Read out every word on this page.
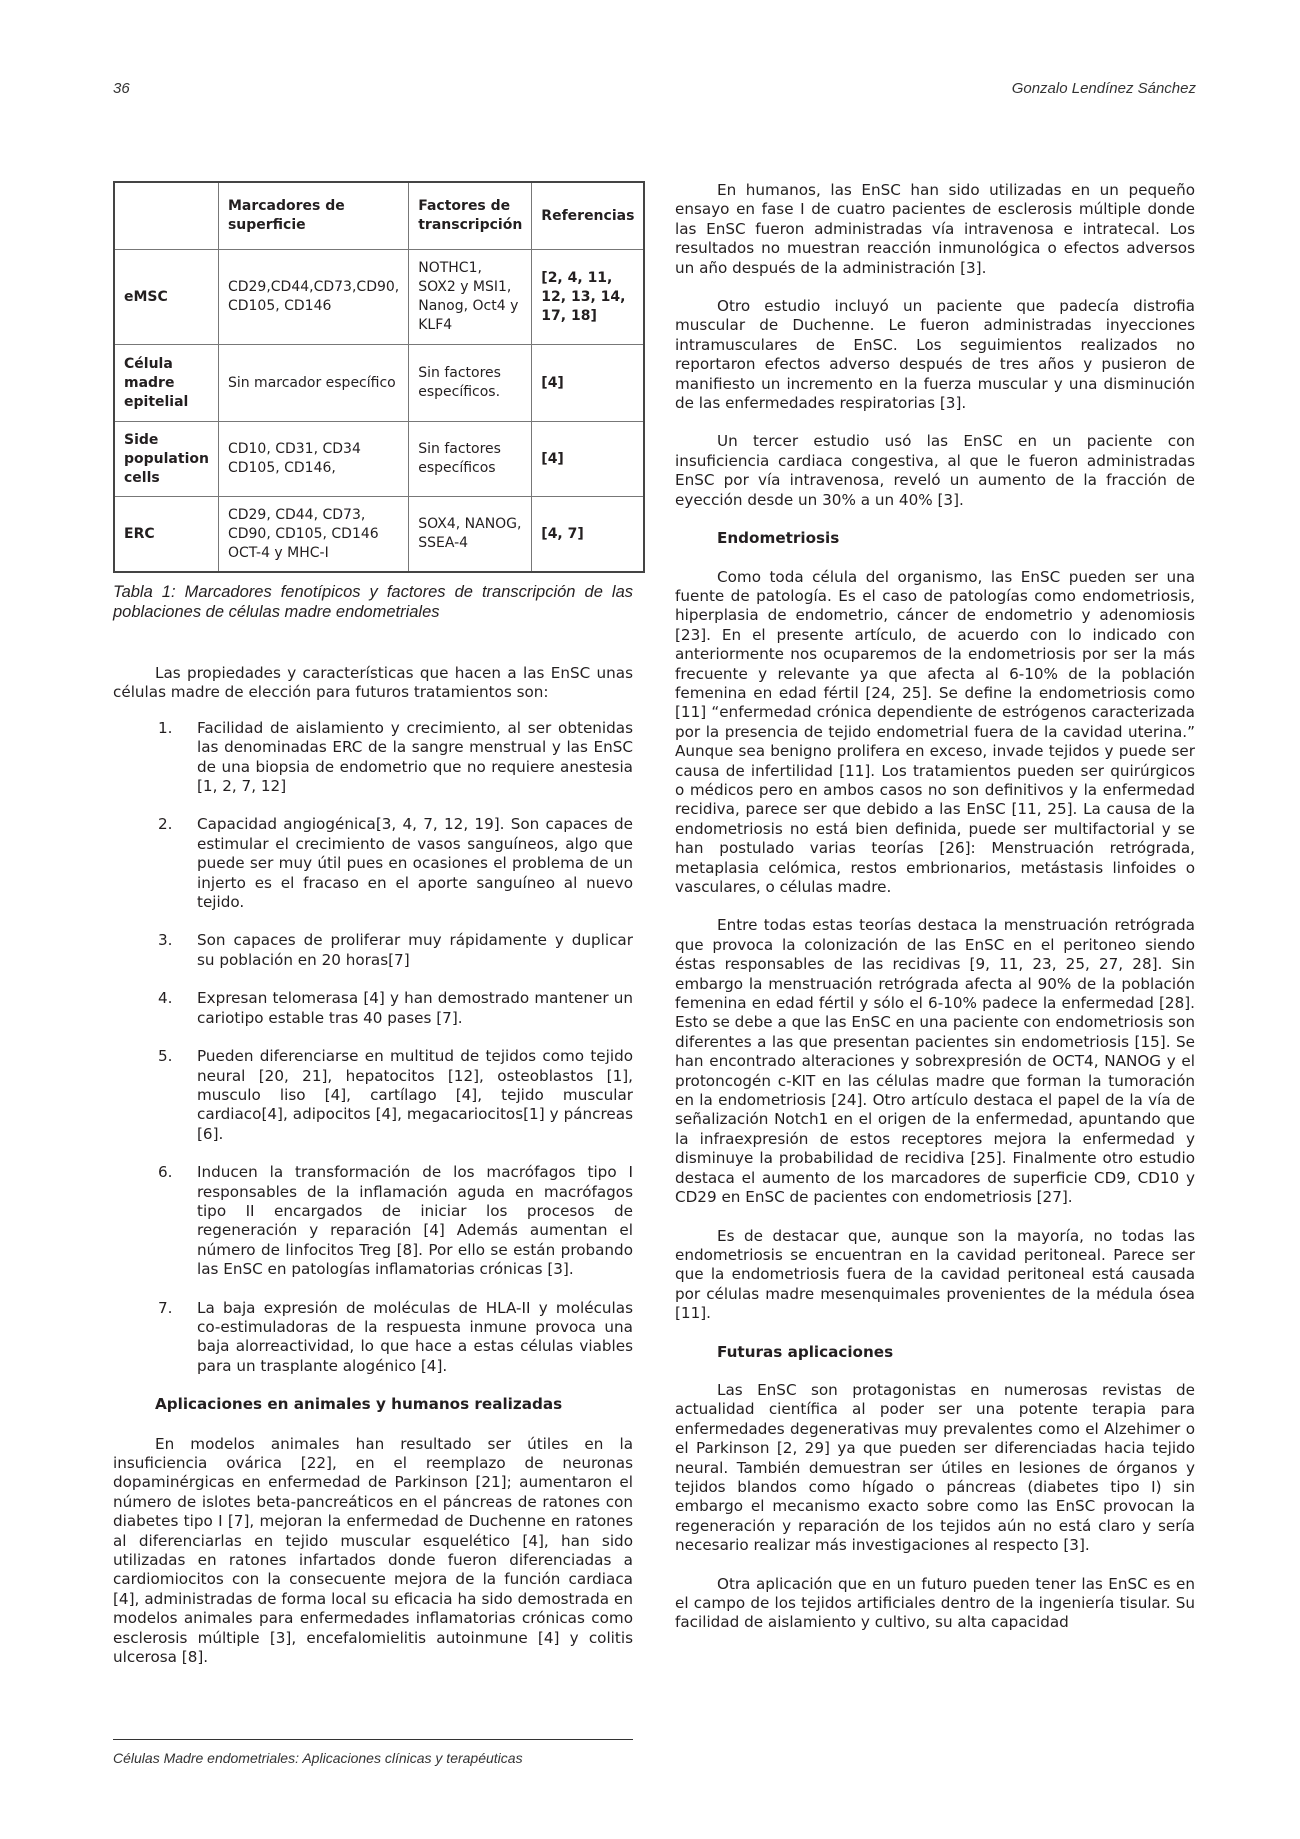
36	Gonzalo Lendínez Sánchez
	Marcadores de superficie	Factores de transcripción	Referencias
eMSC	CD29,CD44,CD73,CD90, CD105, CD146	NOTHC1, SOX2 y MSI1, Nanog, Oct4 y KLF4	[2, 4, 11, 12, 13, 14, 17, 18]
Célula madre epitelial	Sin marcador específico	Sin factores específicos.	[4]
Side population cells	CD10, CD31, CD34 CD105, CD146,	Sin factores específicos	[4]
ERC	CD29, CD44, CD73, CD90, CD105, CD146 OCT-4 y MHC-I	SOX4, NANOG, SSEA-4	[4, 7]
Tabla 1: Marcadores fenotípicos y factores de transcripción de las poblaciones de células madre endometriales

Las propiedades y características que hacen a las EnSC unas células madre de elección para futuros tratamientos son:

1. Facilidad de aislamiento y crecimiento, al ser obtenidas las denominadas ERC de la sangre menstrual y las EnSC de una biopsia de endometrio que no requiere anestesia [1, 2, 7, 12]

2. Capacidad angiogénica[3, 4, 7, 12, 19]. Son capaces de estimular el crecimiento de vasos sanguíneos, algo que puede ser muy útil pues en ocasiones el problema de un injerto es el fracaso en el aporte sanguíneo al nuevo tejido.

3. Son capaces de proliferar muy rápidamente y duplicar su población en 20 horas[7]

4. Expresan telomerasa [4] y han demostrado mantener un cariotipo estable tras 40 pases [7].

5. Pueden diferenciarse en multitud de tejidos como tejido neural [20, 21], hepatocitos [12], osteoblastos [1], musculo liso [4], cartílago [4], tejido muscular cardiaco[4], adipocitos [4], megacariocitos[1] y páncreas [6].

6. Inducen la transformación de los macrófagos tipo I responsables de la inflamación aguda en macrófagos tipo II encargados de iniciar los procesos de regeneración y reparación [4] Además aumentan el número de linfocitos Treg [8]. Por ello se están probando las EnSC en patologías inflamatorias crónicas [3].

7. La baja expresión de moléculas de HLA-II y moléculas co-estimuladoras de la respuesta inmune provoca una baja alorreactividad, lo que hace a estas células viables para un trasplante alogénico [4].

Aplicaciones en animales y humanos realizadas

En modelos animales han resultado ser útiles en la insuficiencia ovárica [22], en el reemplazo de neuronas dopaminérgicas en enfermedad de Parkinson [21]; aumentaron el número de islotes beta-pancreáticos en el páncreas de ratones con diabetes tipo I [7], mejoran la enfermedad de Duchenne en ratones al diferenciarlas en tejido muscular esquelético [4], han sido utilizadas en ratones infartados donde fueron diferenciadas a cardiomiocitos con la consecuente mejora de la función cardiaca [4], administradas de forma local su eficacia ha sido demostrada en modelos animales para enfermedades inflamatorias crónicas como esclerosis múltiple [3], encefalomielitis autoinmune [4] y colitis ulcerosa [8].

En humanos, las EnSC han sido utilizadas en un pequeño ensayo en fase I de cuatro pacientes de esclerosis múltiple donde las EnSC fueron administradas vía intravenosa e intratecal. Los resultados no muestran reacción inmunológica o efectos adversos un año después de la administración [3].

Otro estudio incluyó un paciente que padecía distrofia muscular de Duchenne. Le fueron administradas inyecciones intramusculares de EnSC. Los seguimientos realizados no reportaron efectos adverso después de tres años y pusieron de manifiesto un incremento en la fuerza muscular y una disminución de las enfermedades respiratorias [3].

Un tercer estudio usó las EnSC en un paciente con insuficiencia cardiaca congestiva, al que le fueron administradas EnSC por vía intravenosa, reveló un aumento de la fracción de eyección desde un 30% a un 40% [3].

Endometriosis

Como toda célula del organismo, las EnSC pueden ser una fuente de patología. Es el caso de patologías como endometriosis, hiperplasia de endometrio, cáncer de endometrio y adenomiosis [23]. En el presente artículo, de acuerdo con lo indicado con anteriormente nos ocuparemos de la endometriosis por ser la más frecuente y relevante ya que afecta al 6-10% de la población femenina en edad fértil [24, 25]. Se define la endometriosis como [11] “enfermedad crónica dependiente de estrógenos caracterizada por la presencia de tejido endometrial fuera de la cavidad uterina.” Aunque sea benigno prolifera en exceso, invade tejidos y puede ser causa de infertilidad [11]. Los tratamientos pueden ser quirúrgicos o médicos pero en ambos casos no son definitivos y la enfermedad recidiva, parece ser que debido a las EnSC [11, 25]. La causa de la endometriosis no está bien definida, puede ser multifactorial y se han postulado varias teorías [26]: Menstruación retrógrada, metaplasia celómica, restos embrionarios, metástasis linfoides o vasculares, o células madre.

Entre todas estas teorías destaca la menstruación retrógrada que provoca la colonización de las EnSC en el peritoneo siendo éstas responsables de las recidivas [9, 11, 23, 25, 27, 28]. Sin embargo la menstruación retrógrada afecta al 90% de la población femenina en edad fértil y sólo el 6-10% padece la enfermedad [28]. Esto se debe a que las EnSC en una paciente con endometriosis son diferentes a las que presentan pacientes sin endometriosis [15]. Se han encontrado alteraciones y sobrexpresión de OCT4, NANOG y el protoncogén c-KIT en las células madre que forman la tumoración en la endometriosis [24]. Otro artículo destaca el papel de la vía de señalización Notch1 en el origen de la enfermedad, apuntando que la infraexpresión de estos receptores mejora la enfermedad y disminuye la probabilidad de recidiva [25]. Finalmente otro estudio destaca el aumento de los marcadores de superficie CD9, CD10 y CD29 en EnSC de pacientes con endometriosis [27].

Es de destacar que, aunque son la mayoría, no todas las endometriosis se encuentran en la cavidad peritoneal. Parece ser que la endometriosis fuera de la cavidad peritoneal está causada por células madre mesenquimales provenientes de la médula ósea [11].

Futuras aplicaciones

Las EnSC son protagonistas en numerosas revistas de actualidad científica al poder ser una potente terapia para enfermedades degenerativas muy prevalentes como el Alzehimer o el Parkinson [2, 29] ya que pueden ser diferenciadas hacia tejido neural. También demuestran ser útiles en lesiones de órganos y tejidos blandos como hígado o páncreas (diabetes tipo I) sin embargo el mecanismo exacto sobre como las EnSC provocan la regeneración y reparación de los tejidos aún no está claro y sería necesario realizar más investigaciones al respecto [3].

Otra aplicación que en un futuro pueden tener las EnSC es en el campo de los tejidos artificiales dentro de la ingeniería tisular. Su facilidad de aislamiento y cultivo, su alta capacidad

Células Madre endometriales: Aplicaciones clínicas y terapéuticas
